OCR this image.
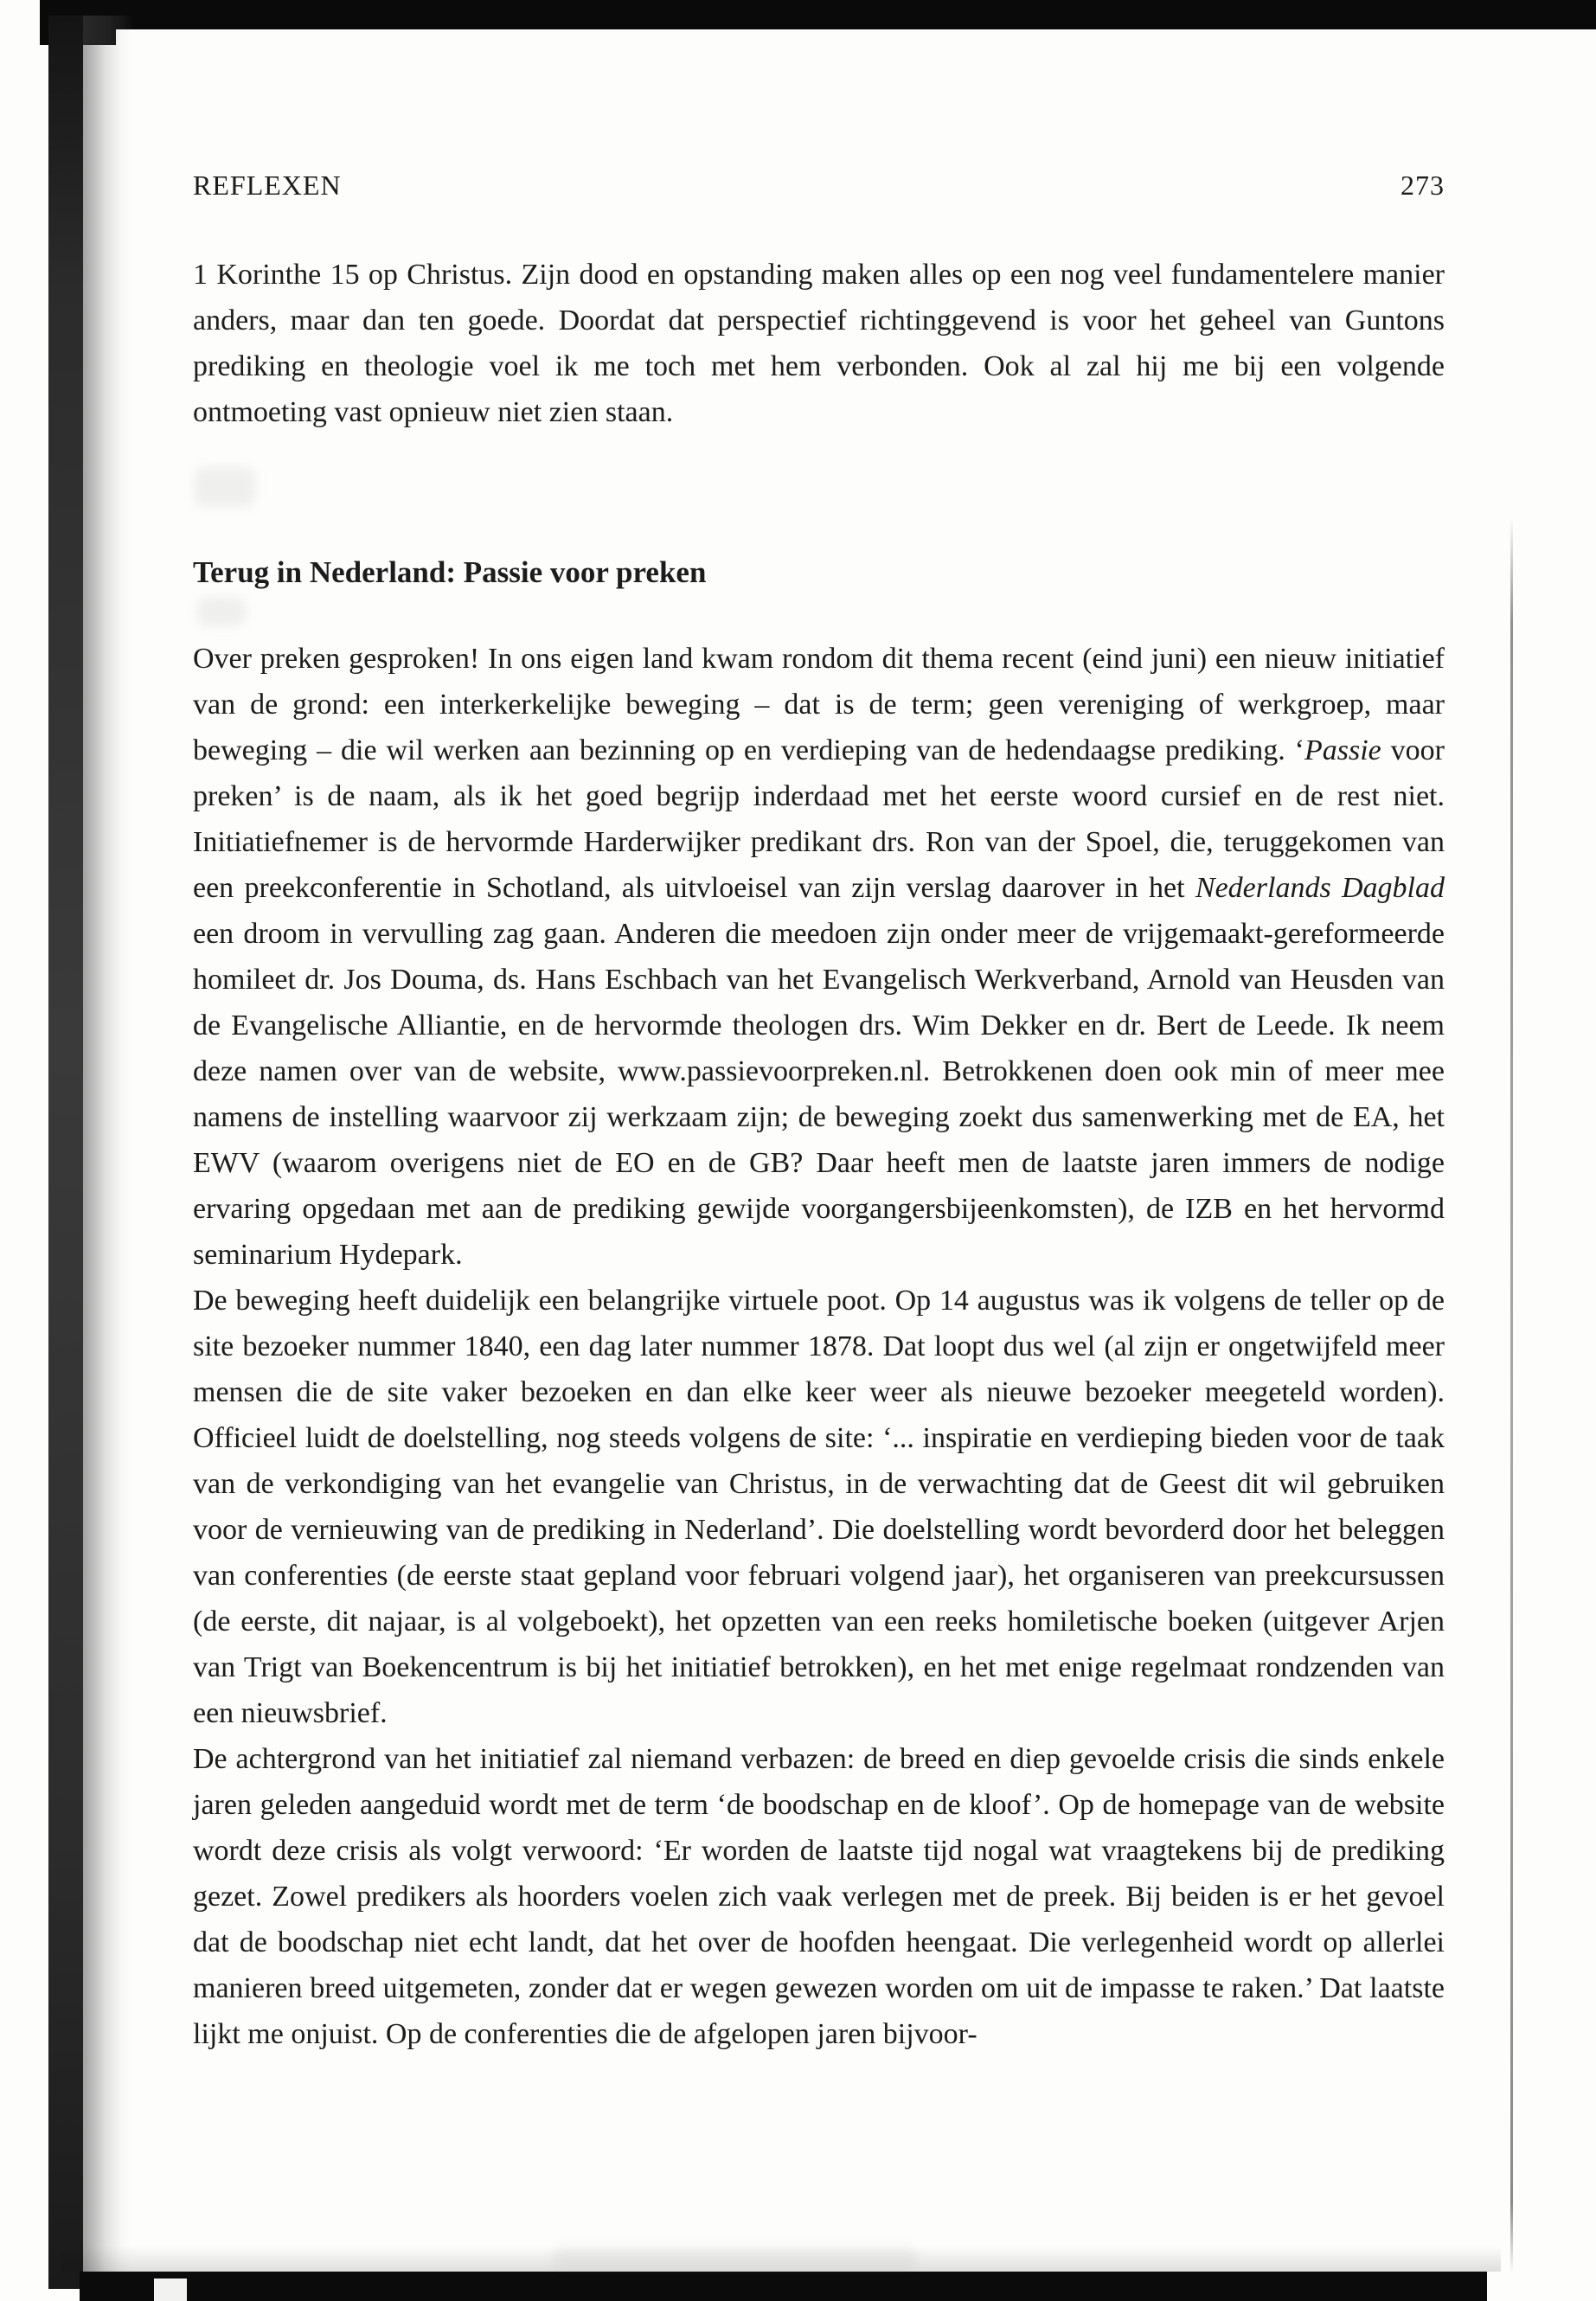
REFLEXEN	273

1 Korinthe 15 op Christus. Zijn dood en opstanding maken alles op een nog veel fundamentelere manier anders, maar dan ten goede. Doordat dat perspectief richtinggevend is voor het geheel van Guntons prediking en theologie voel ik me toch met hem verbonden. Ook al zal hij me bij een volgende ontmoeting vast opnieuw niet zien staan.

Terug in Nederland: Passie voor preken

Over preken gesproken! In ons eigen land kwam rondom dit thema recent (eind juni) een nieuw initiatief van de grond: een interkerkelijke beweging – dat is de term; geen vereniging of werkgroep, maar beweging – die wil werken aan bezinning op en verdieping van de hedendaagse prediking. ‘Passie voor preken’ is de naam, als ik het goed begrijp inderdaad met het eerste woord cursief en de rest niet. Initiatiefnemer is de hervormde Harderwijker predikant drs. Ron van der Spoel, die, teruggekomen van een preekconferentie in Schotland, als uitvloeisel van zijn verslag daarover in het Nederlands Dagblad een droom in vervulling zag gaan. Anderen die meedoen zijn onder meer de vrijgemaakt-gereformeerde homileet dr. Jos Douma, ds. Hans Eschbach van het Evangelisch Werkverband, Arnold van Heusden van de Evangelische Alliantie, en de hervormde theologen drs. Wim Dekker en dr. Bert de Leede. Ik neem deze namen over van de website, www.passievoorpreken.nl. Betrokkenen doen ook min of meer mee namens de instelling waarvoor zij werkzaam zijn; de beweging zoekt dus samenwerking met de EA, het EWV (waarom overigens niet de EO en de GB? Daar heeft men de laatste jaren immers de nodige ervaring opgedaan met aan de prediking gewijde voorgangersbijeenkomsten), de IZB en het hervormd seminarium Hydepark.

De beweging heeft duidelijk een belangrijke virtuele poot. Op 14 augustus was ik volgens de teller op de site bezoeker nummer 1840, een dag later nummer 1878. Dat loopt dus wel (al zijn er ongetwijfeld meer mensen die de site vaker bezoeken en dan elke keer weer als nieuwe bezoeker meegeteld worden). Officieel luidt de doelstelling, nog steeds volgens de site: ‘... inspiratie en verdieping bieden voor de taak van de verkondiging van het evangelie van Christus, in de verwachting dat de Geest dit wil gebruiken voor de vernieuwing van de prediking in Nederland’. Die doelstelling wordt bevorderd door het beleggen van conferenties (de eerste staat gepland voor februari volgend jaar), het organiseren van preekcursussen (de eerste, dit najaar, is al volgeboekt), het opzetten van een reeks homiletische boeken (uitgever Arjen van Trigt van Boekencentrum is bij het initiatief betrokken), en het met enige regelmaat rondzenden van een nieuwsbrief.

De achtergrond van het initiatief zal niemand verbazen: de breed en diep gevoelde crisis die sinds enkele jaren geleden aangeduid wordt met de term ‘de boodschap en de kloof’. Op de homepage van de website wordt deze crisis als volgt verwoord: ‘Er worden de laatste tijd nogal wat vraagtekens bij de prediking gezet. Zowel predikers als hoorders voelen zich vaak verlegen met de preek. Bij beiden is er het gevoel dat de boodschap niet echt landt, dat het over de hoofden heengaat. Die verlegenheid wordt op allerlei manieren breed uitgemeten, zonder dat er wegen gewezen worden om uit de impasse te raken.’ Dat laatste lijkt me onjuist. Op de conferenties die de afgelopen jaren bijvoor-
